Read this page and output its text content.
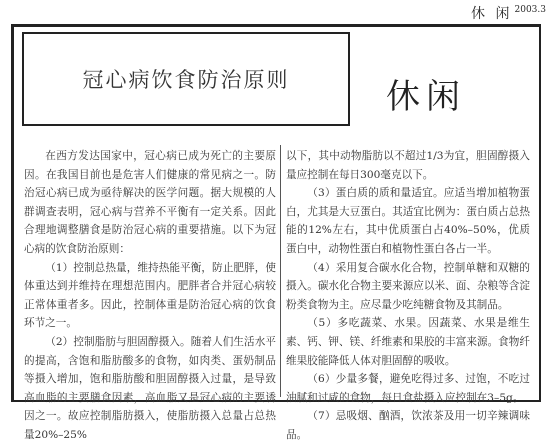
休 闲 2003.3
冠心病饮食防治原则	休闲

在西方发达国家中，冠心病已成为死亡的主要原因。在我国目前也是危害人们健康的常见病之一。防治冠心病已成为亟待解决的医学问题。据大规模的人群调查表明，冠心病与营养不平衡有一定关系。因此合理地调整膳食是防治冠心病的重要措施。以下为冠心病的饮食防治原则：

（1）控制总热量，维持热能平衡，防止肥胖，使体重达到并维持在理想范围内。肥胖者合并冠心病较正常体重者多。因此，控制体重是防治冠心病的饮食环节之一。

（2）控制脂肪与胆固醇摄入。随着人们生活水平的提高，含饱和脂肪酸多的食物，如肉类、蛋奶制品等摄入增加，饱和脂肪酸和胆固醇摄入过量，是导致高血脂的主要膳食因素，高血脂又是冠心病的主要诱因之一。故应控制脂肪摄入，使脂肪摄入总量占总热量20%–25%

以下，其中动物脂肪以不超过1/3为宜，胆固醇摄入量应控制在每日300毫克以下。

（3）蛋白质的质和量适宜。应适当增加植物蛋白，尤其是大豆蛋白。其适宜比例为：蛋白质占总热能的12%左右，其中优质蛋白占40%–50%，优质蛋白中，动物性蛋白和植物性蛋白各占一半。

（4）采用复合碳水化合物，控制单糖和双糖的摄入。碳水化合物主要来源应以米、面、杂粮等含淀粉类食物为主。应尽量少吃纯糖食物及其制品。

（5）多吃蔬菜、水果。因蔬菜、水果是维生素、钙、钾、镁、纤维素和果胶的丰富来源。食物纤维果胶能降低人体对胆固醇的吸收。

（6）少量多餐，避免吃得过多、过饱，不吃过油腻和过咸的食物，每日食盐摄入应控制在3–5g。

（7）忌吸烟、酗酒，饮浓茶及用一切辛辣调味品。
